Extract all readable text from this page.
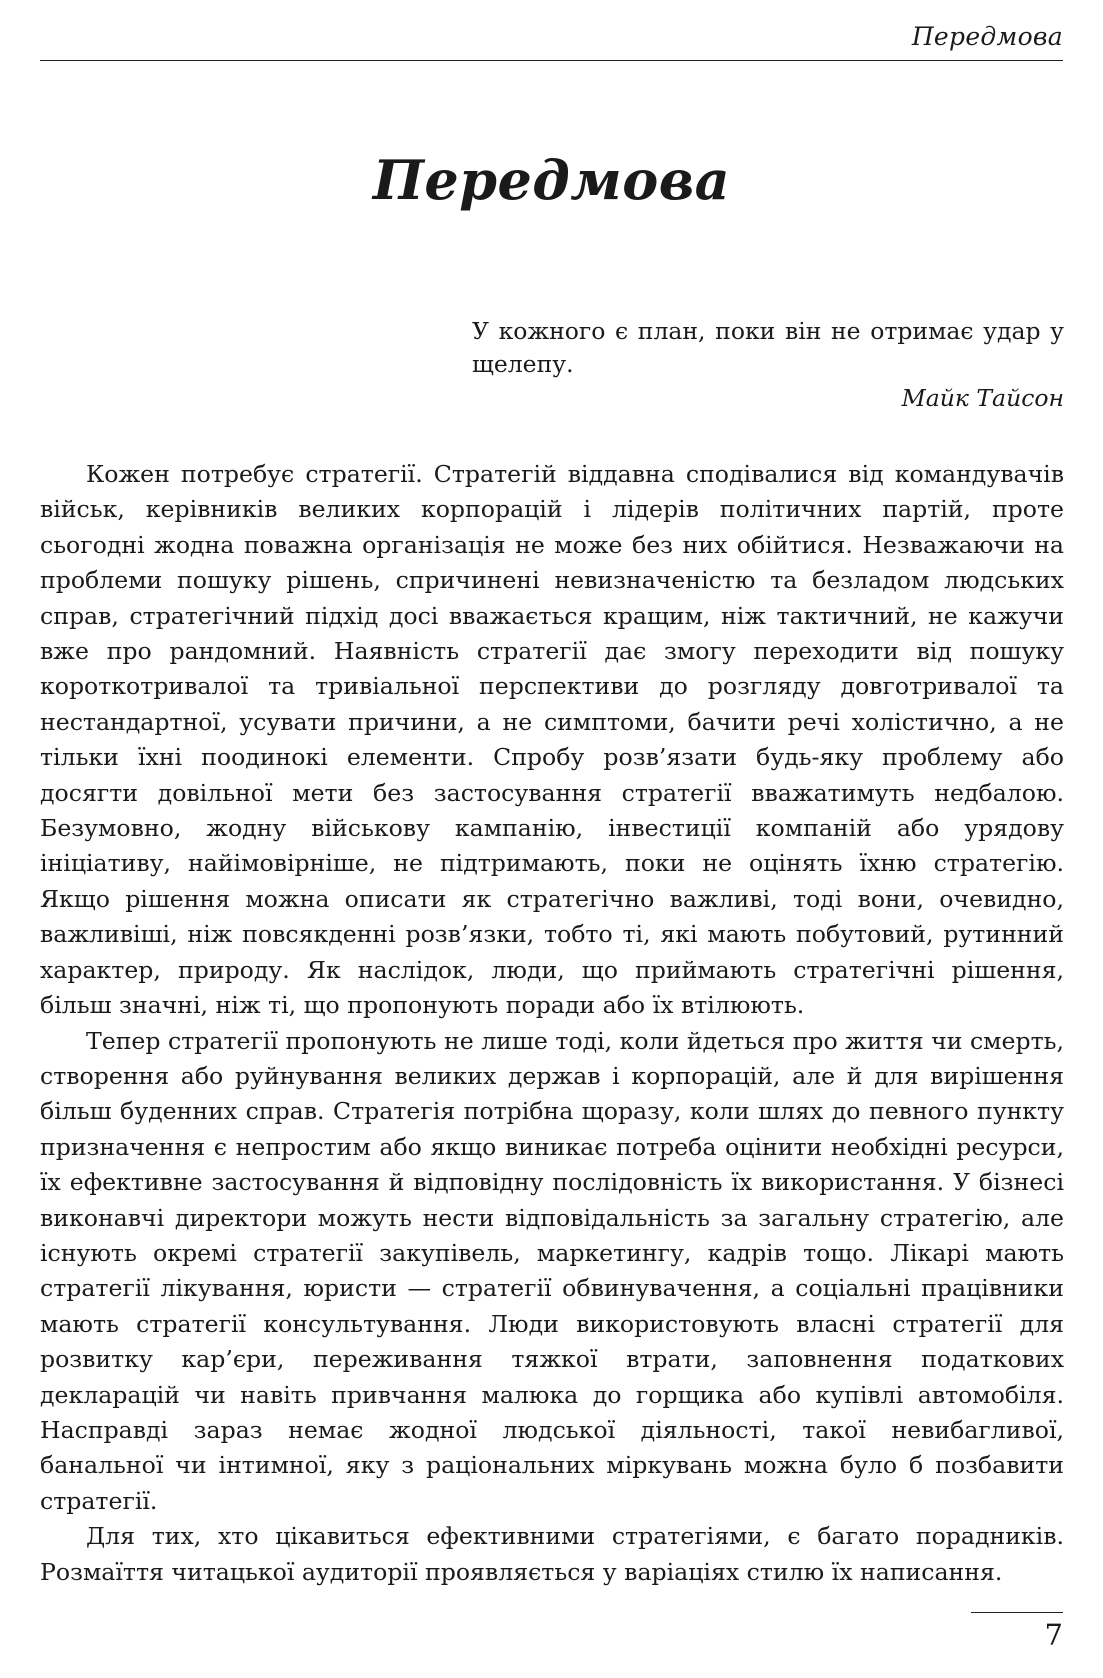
Передмова
Передмова
У кожного є план, поки він не отримає удар у щелепу.
Майк Тайсон

Кожен потребує стратегії. Стратегій віддавна сподівалися від командувачів військ, керівників великих корпорацій і лідерів політичних партій, проте сьогодні жодна поважна організація не може без них обійтися. Незважаючи на проблеми пошуку рішень, спричинені невизначеністю та безладом людських справ, стратегічний підхід досі вважається кращим, ніж тактичний, не кажучи вже про рандомний. Наявність стратегії дає змогу переходити від пошуку короткотривалої та тривіальної перспективи до розгляду довготривалої та нестандартної, усувати причини, а не симптоми, бачити речі холістично, а не тільки їхні поодинокі елементи. Спробу розв’язати будь-яку проблему або досягти довільної мети без застосування стратегії вважатимуть недбалою. Безумовно, жодну військову кампанію, інвестиції компаній або урядову ініціативу, найімовірніше, не підтримають, поки не оцінять їхню стратегію. Якщо рішення можна описати як стратегічно важливі, тоді вони, очевидно, важливіші, ніж повсякденні розв’язки, тобто ті, які мають побутовий, рутинний характер, природу. Як наслідок, люди, що приймають стратегічні рішення, більш значні, ніж ті, що пропонують поради або їх втілюють.

Тепер стратегії пропонують не лише тоді, коли йдеться про життя чи смерть, створення або руйнування великих держав і корпорацій, але й для вирішення більш буденних справ. Стратегія потрібна щоразу, коли шлях до певного пункту призначення є непростим або якщо виникає потреба оцінити необхідні ресурси, їх ефективне застосування й відповідну послідовність їх використання. У бізнесі виконавчі директори можуть нести відповідальність за загальну стратегію, але існують окремі стратегії закупівель, маркетингу, кадрів тощо. Лікарі мають стратегії лікування, юристи — стратегії обвинувачення, а соціальні працівники мають стратегії консультування. Люди використовують власні стратегії для розвитку кар’єри, переживання тяжкої втрати, заповнення податкових декларацій чи навіть привчання малюка до горщика або купівлі автомобіля. Насправді зараз немає жодної людської діяльності, такої невибагливої, банальної чи інтимної, яку з раціональних міркувань можна було б позбавити стратегії.

Для тих, хто цікавиться ефективними стратегіями, є багато порадників. Розмаїття читацької аудиторії проявляється у варіаціях стилю їх написання.

7
